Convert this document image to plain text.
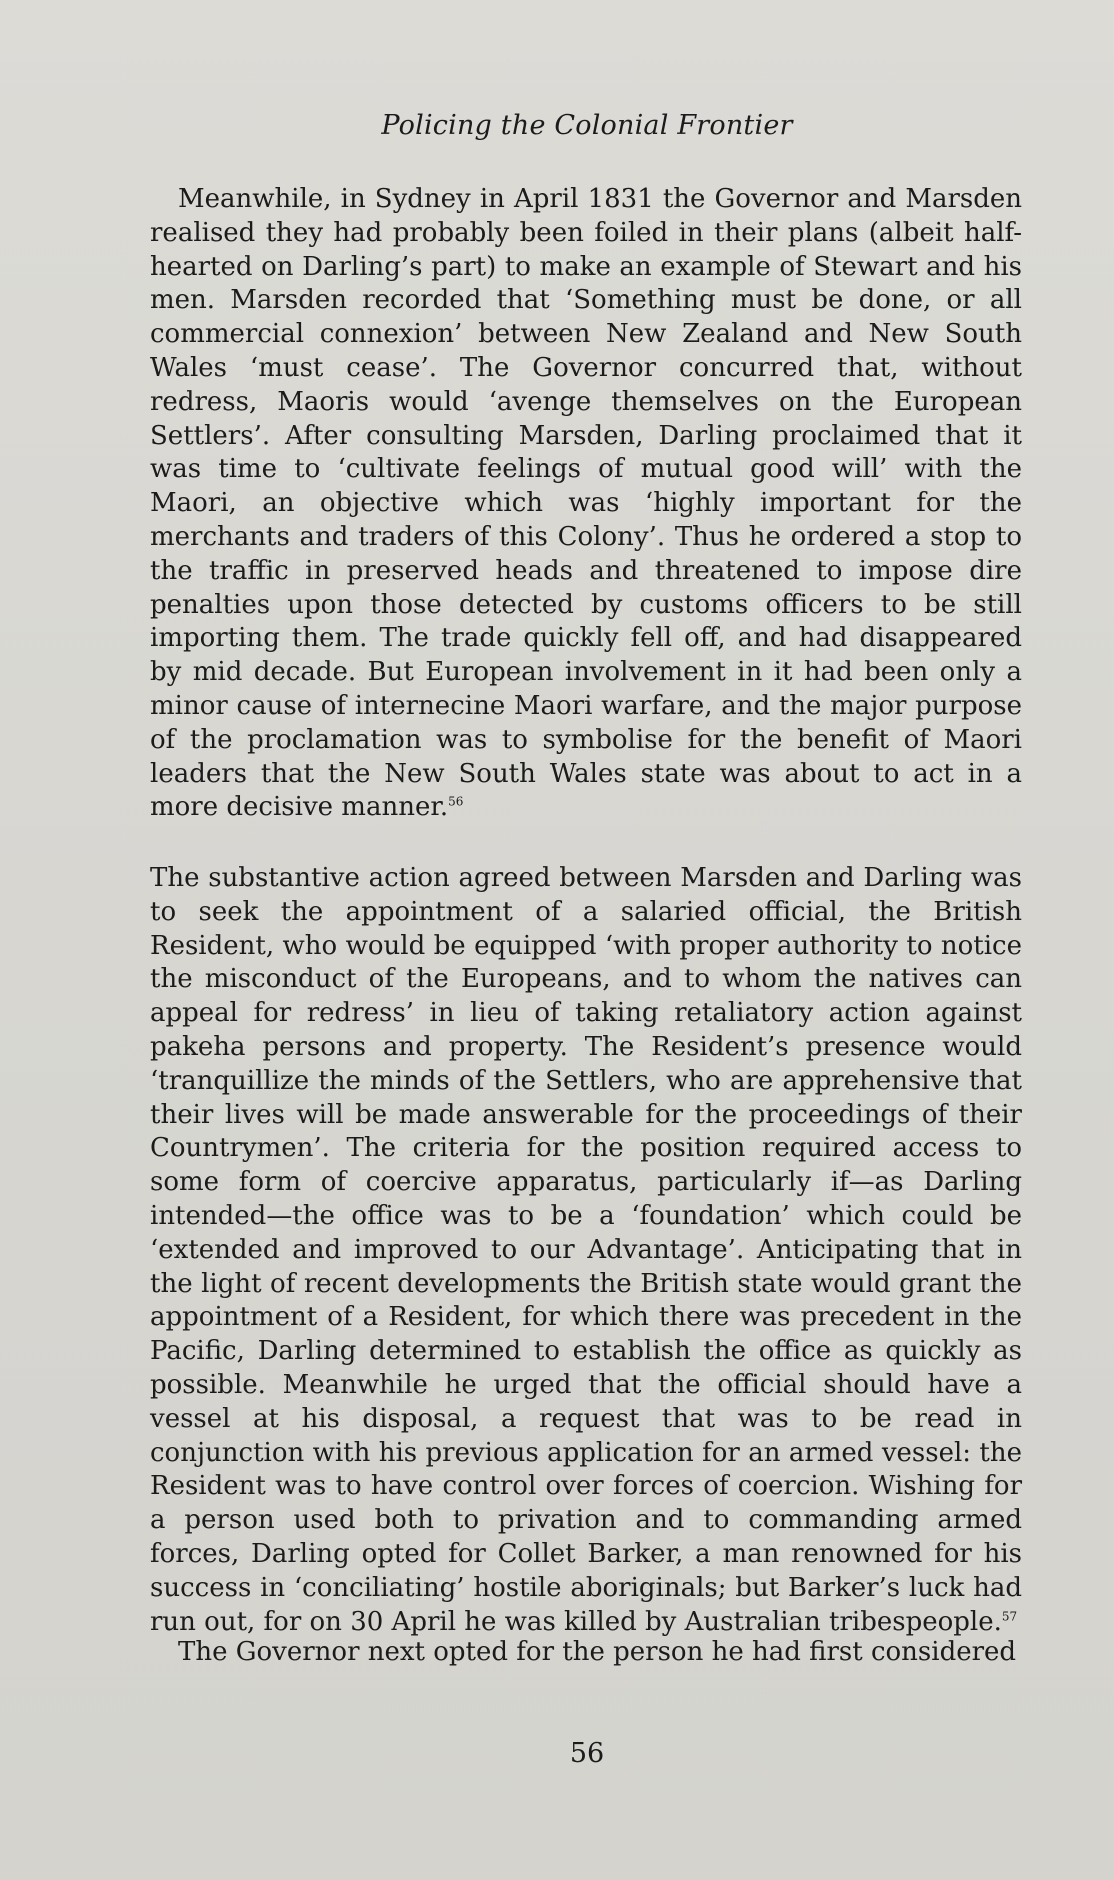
Policing the Colonial Frontier

Meanwhile, in Sydney in April 1831 the Governor and Marsden realised they had probably been foiled in their plans (albeit half-hearted on Darling’s part) to make an example of Stewart and his men. Marsden recorded that ‘Something must be done, or all commercial connexion’ between New Zealand and New South Wales ‘must cease’. The Governor concurred that, without redress, Maoris would ‘avenge themselves on the European Settlers’. After consulting Marsden, Darling proclaimed that it was time to ‘cultivate feelings of mutual good will’ with the Maori, an objective which was ‘highly important for the merchants and traders of this Colony’. Thus he ordered a stop to the traffic in preserved heads and threatened to impose dire penalties upon those detected by customs officers to be still importing them. The trade quickly fell off, and had disappeared by mid decade. But European involvement in it had been only a minor cause of internecine Maori warfare, and the major purpose of the proclamation was to symbolise for the benefit of Maori leaders that the New South Wales state was about to act in a more decisive manner.$^{56}$

The substantive action agreed between Marsden and Darling was to seek the appointment of a salaried official, the British Resident, who would be equipped ‘with proper authority to notice the misconduct of the Europeans, and to whom the natives can appeal for redress’ in lieu of taking retaliatory action against pakeha persons and property. The Resident’s presence would ‘tranquillize the minds of the Settlers, who are apprehensive that their lives will be made answerable for the proceedings of their Countrymen’. The criteria for the position required access to some form of coercive apparatus, particularly if—as Darling intended—the office was to be a ‘foundation’ which could be ‘extended and improved to our Advantage’. Anticipating that in the light of recent developments the British state would grant the appointment of a Resident, for which there was precedent in the Pacific, Darling determined to establish the office as quickly as possible. Meanwhile he urged that the official should have a vessel at his disposal, a request that was to be read in conjunction with his previous application for an armed vessel: the Resident was to have control over forces of coercion. Wishing for a person used both to privation and to commanding armed forces, Darling opted for Collet Barker, a man renowned for his success in ‘conciliating’ hostile aboriginals; but Barker’s luck had run out, for on 30 April he was killed by Australian tribespeople.$^{57}$

The Governor next opted for the person he had first considered

56
